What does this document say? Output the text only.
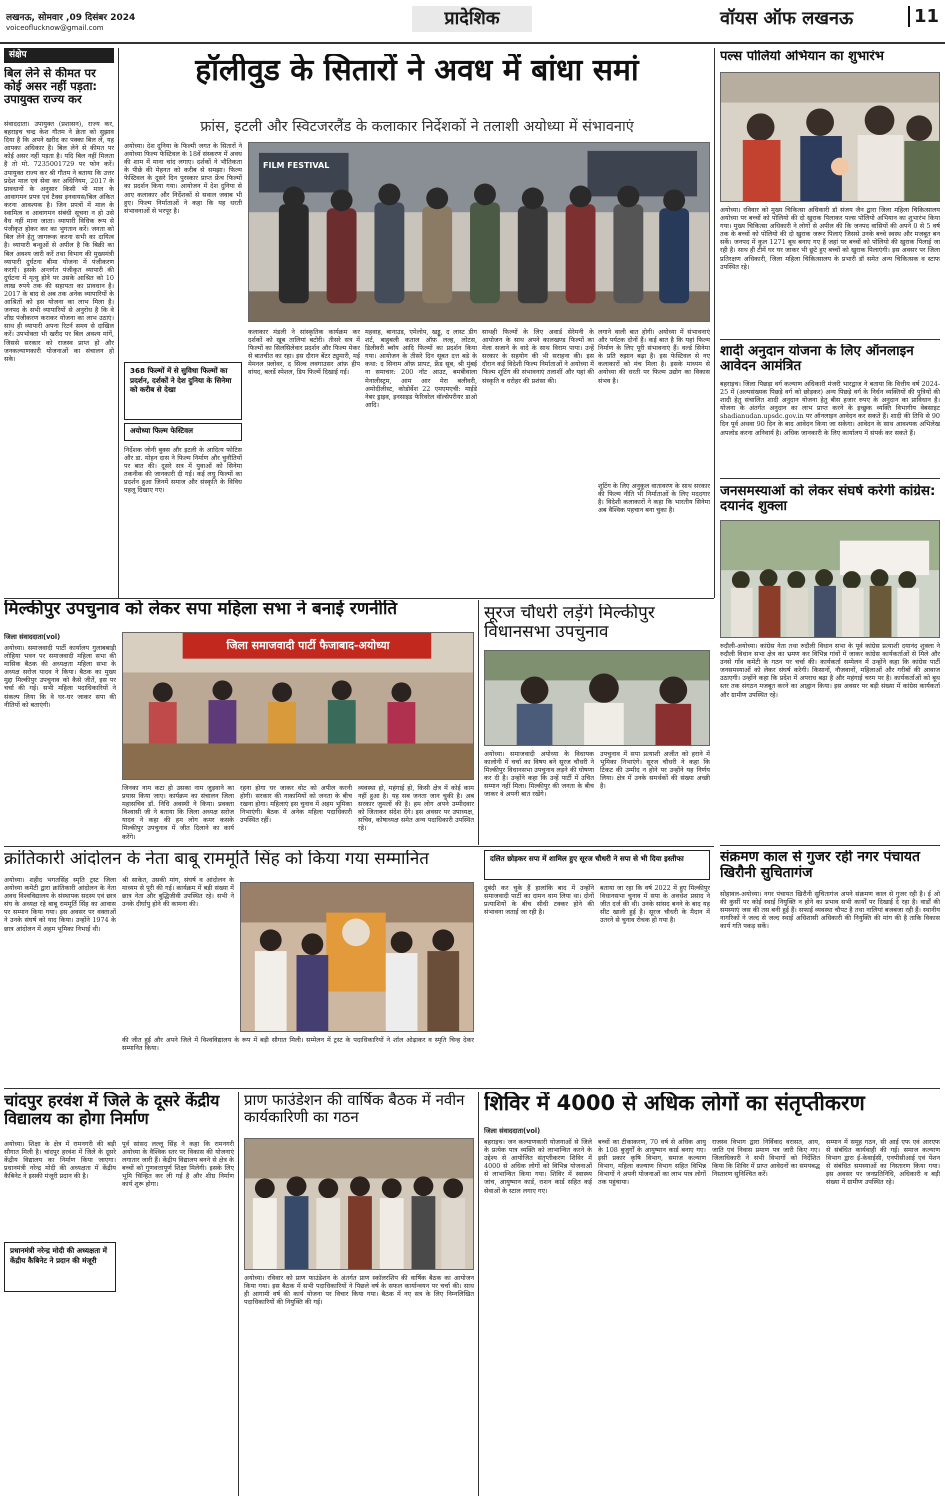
लखनऊ, सोमवार ,09 दिसंबर 2024
voiceoflucknow@gmail.com	प्रादेशिक	वॉयस ऑफ लखनऊ	11
संक्षेप
बिल लेने से कीमत पर कोई असर नहीं पड़ता: उपायुक्त राज्य कर
संवाददाता। उपायुक्त (प्रशासन), राज्य कर, बहराइच चन्द्र केश गौतम ने क्रेता को सुझाव दिया है कि अपने खरीद का पक्का बिल लें, यह आपका अधिकार है। बिल लेने से कीमत पर कोई असर नहीं पड़ता है। यदि बिल नहीं मिलता है तो मो. 7235001729 पर फोन करें। उपायुक्त राज्य कर श्री गौतम ने बताया कि उत्तर प्रदेश माल एवं सेवा कर अधिनियम, 2017 के प्रावधानों के अनुसार किसी भी माल के आवागमन प्रपत्र एवं टैक्स इनवायस/बिल अंकित करना आवश्यक है। जिन प्रपत्रों में माल के स्वामित्व व आवागमन संबंधी सूचना न हो उसे वैध नहीं माना जाता। व्यापारी विधिक रूप से पंजीकृत होकर कर का भुगतान करें। जनता को बिल लेने हेतु जागरूक करना सभी का दायित्व है। व्यापारी बन्धुओं से अपील है कि बिक्री का बिल अवश्य जारी करें तथा विभाग की मुख्यमंत्री व्यापारी दुर्घटना बीमा योजना में पंजीकरण कराएँ। इसके अन्तर्गत पंजीकृत व्यापारी की दुर्घटना में मृत्यु होने पर उसके आश्रित को 10 लाख रुपये तक की सहायता का प्रावधान है। 2017 के बाद से अब तक अनेक व्यापारियों के आश्रितों को इस योजना का लाभ मिला है। जनपद के सभी व्यापारियों से अनुरोध है कि वे शीघ्र पंजीकरण कराकर योजना का लाभ उठाएं। साथ ही व्यापारी अपना रिटर्न समय से दाखिल करें। उपभोक्ता भी खरीद पर बिल अवश्य मांगें, जिससे सरकार को राजस्व प्राप्त हो और जनकल्याणकारी योजनाओं का संचालन हो सके।
हॉलीवुड के सितारों ने अवध में बांधा समां
फ्रांस, इटली और स्विटजरलैंड के कलाकार निर्देशकों ने तलाशी अयोध्या में संभावनाएं
अयोध्या। देश दुनिया के फिल्मी जगत के सितारों ने अयोध्या फिल्म फेस्टिवल के 18वें संस्करण में अवध की शाम में माना चांद लगाए। दर्शकों ने भौतिकता के पीछे की मेहनत को करीब से समझा। फिल्म फेस्टिवल के दूसरे दिन पुरस्कार प्राप्त फ्रेंच फिल्मों का प्रदर्शन किया गया। आयोजन में देश दुनिया से आए कलाकार और निर्देशकों से सवाल जवाब भी हुए। फिल्म निर्माताओं ने कहा कि यह धरती संभावनाओं से भरपूर है।
368 फिल्मों में से सुविधा फिल्मों का प्रदर्शन, दर्शकों ने देश दुनिया के सिनेमा को करीब से देखा
अयोध्या फिल्म फेस्टिवल
निर्देशक जोनी बुक्स और इटली के आदित्य फोटिस और डा. मोहन दास ने फिल्म निर्माण और चुनौतियों पर बात की। दूसरे सत्र में युवाओं को सिनेमा तकनीक की जानकारी दी गई। कई लघु फिल्मों का प्रदर्शन हुआ जिनमें समाज और संस्कृति के विविध पहलू दिखाए गए।
FILM FESTIVAL
कलाकार मंडली ने सांस्कृतिक कार्यक्रम कर दर्शकों को खूब तालियां बटोरी। तीसरे सत्र में फिल्मों का सिलसिलेवार प्रदर्शन और फिल्म मेकर से बातचीत का रहा। इस दौरान बेंटर ट्युमारी, मई मेमनल फ़्लोवर, द सिल्व लवगाउसर आंफ़ हीप वांयद, बलर्डे स्पेशल, डिप फिल्में दिखाई गईं।
महवाह, बानाउड, एमेलोप, खड्डू, द लास्ट डीग शर्ट, बाहुबली कताल ऑफ़ लल्ह, लोटस, डिलीवरी ब्वॉय आदि फिल्मों का प्रदर्शन किया गया। आयोजन के तीसरे दिन सूबत दत्त बडे के कथा: द सिनाम ऑफ़ प्रापट, फ्रेंड सूब, श्री मुंबई ना समाचार: 200 नॉट आउट, बमबीवाला मेनालीस्ट्रम, आम आर मेरा बलीवरी, अमोदीलीस्ट, कोडोर्वेश 22 एमएमएची: माईडे नेबर ड्राइव, इनसाइड फेरिवरेल वॉल्सेपरीयर डाओ आदि।
साथही फिल्मों के लिए अवार्ड सेरेमनी के आयोजन के साथ अपने कालखण्ड फिल्मों का मेला सजाने के वादे के साथ विराम पाया। उन्हें सरकार के सहयोग की भी सराहना की। इस दौरान कई विदेशी फिल्म निर्माताओं ने अयोध्या में फिल्म शूटिंग की संभावनाएं तलाशीं और यहां की संस्कृति व धरोहर की प्रशंसा की।
लगाने वाली बात होगी। अयोध्या में संभावनाएं और पर्यटक दोनों हैं। कई बात है कि यहां फिल्म निर्माण के लिए पूरी संभावनाएं हैं। वर्ल्ड सिनेमा के प्रति रुझान बढ़ा है। इस फेस्टिवल से नए कलाकारों को मंच मिला है। इसके माध्यम से अयोध्या की धरती पर फिल्म उद्योग का विकास संभव है।
शूटिंग के लिए अनुकूल वातावरण के साथ सरकार की फिल्म नीति भी निर्माताओं के लिए मददगार है। विदेशी कलाकारों ने कहा कि भारतीय सिनेमा अब वैश्विक पहचान बना चुका है।
पल्स पोलियो अभियान का शुभारंभ
अयोध्या। रविवार को मुख्य चिकित्सा अधिकारी डॉ संजय जैन द्वारा जिला महिला चिकित्सालय अयोध्या पर बच्चों को पोलियो की दो खुराक पिलाकर पल्स पोलियो अभियान का शुभारंभ किया गया। मुख्य चिकित्सा अधिकारी ने लोगों से अपील की कि जनपद वासियों की अपने 0 से 5 वर्ष तक के बच्चों को पोलियो की दो खुराक जरूर पिलाएं जिससे उनके बच्चे स्वस्थ और मजबूत बन सकें। जनपद में कुल 1271 बूथ बनाए गए हैं जहां पर बच्चों को पोलियो की खुराक पिलाई जा रही है। साथ ही टीमें घर घर जाकर भी छूटे हुए बच्चों को खुराक पिलाएंगी। इस अवसर पर जिला प्रतिरक्षण अधिकारी, जिला महिला चिकित्सालय के प्रभारी डॉ समेत अन्य चिकित्सक व स्टाफ उपस्थित रहे।
शादी अनुदान योजना के लिए ऑनलाइन आवेदन आमंत्रित
बहराइच। जिला पिछड़ा वर्ग कल्याण अधिकारी मंजरी भारद्वाज ने बताया कि वित्तीय वर्ष 2024-25 में (अल्पसंख्यक पिछड़े वर्ग को छोड़कर) अन्य पिछड़े वर्ग के निर्धन व्यक्तियों की पुत्रियों की शादी हेतु संचालित शादी अनुदान योजना हेतु बीस हजार रुपए के अनुदान का प्राविधान है। योजना के अंतर्गत अनुदान का लाभ प्राप्त करने के इच्छुक व्यक्ति विभागीय वेबसाइट shadianudan.upsdc.gov.in पर ऑनलाइन आवेदन कर सकते हैं। शादी की तिथि से 90 दिन पूर्व अथवा 90 दिन के बाद आवेदन किया जा सकेगा। आवेदन के साथ आवश्यक अभिलेख अपलोड करना अनिवार्य है। अधिक जानकारी के लिए कार्यालय में संपर्क कर सकते हैं।
जनसमस्याओं को लेकर संघर्ष करेगी कांग्रेस: दयानंद शुक्ला
रुदौली-अयोध्या। कांग्रेस नेता तथा रुदौली विधान सभा के पूर्व कांग्रेस प्रत्याशी दयानंद शुक्ला ने रुदौली विधान सभा क्षेत्र का भ्रमण कर विभिन्न गांवों में जाकर कांग्रेस कार्यकर्ताओं से मिले और उनसे गाँव कमेटी के गठन पर चर्चा की। कार्यकर्ता सम्मेलन में उन्होंने कहा कि कांग्रेस पार्टी जनसमस्याओं को लेकर संघर्ष करेगी। किसानों, नौजवानों, महिलाओं और गरीबों की आवाज उठाएगी। उन्होंने कहा कि प्रदेश में अपराध बढ़ा है और महंगाई चरम पर है। कार्यकर्ताओं को बूथ स्तर तक संगठन मजबूत करने का आह्वान किया। इस अवसर पर बड़ी संख्या में कांग्रेस कार्यकर्ता और ग्रामीण उपस्थित रहे।
संक्रमण काल से गुजर रही नगर पंचायत खिरौनी सुचितागंज
सोहावल-अयोध्या। नगर पंचायत खिरौनी सुचितागंज अपने संक्रमण काल से गुजर रही है। ई ओ की कुर्सी पर कोई स्थाई नियुक्ति न होने का प्रभाव सभी कार्यों पर दिखाई दे रहा है। वार्डों की समस्याएं जस की तस बनी हुई हैं। सफाई व्यवस्था चौपट है तथा नालियां बजबजा रही हैं। स्थानीय नागरिकों ने जल्द से जल्द स्थाई अधिशासी अधिकारी की नियुक्ति की मांग की है ताकि विकास कार्य गति पकड़ सकें।
मिल्कीपुर उपचुनाव को लेकर सपा महिला सभा ने बनाई रणनीति
जिला संवाददाता(vol)
अयोध्या। समाजवादी पार्टी कार्यालय गुलाबबाड़ी लोहिया भवन पर समाजवादी महिला सभा की मासिक बैठक की अध्यक्षता महिला सभा के अध्यक्ष सरोज यादव ने किया। बैठक का मुख्य मुद्दा मिल्कीपुर उपचुनाव को कैसे जीतें, इस पर चर्चा की गई। सभी महिला पदाधिकारियों ने संकल्प लिया कि वे घर-घर जाकर सपा की नीतियों को बताएंगी।
जिला समाजवादी पार्टी फैजाबाद-अयोध्या
जिनका नाम कटा हो उसका नाम जुड़वाने का प्रयास किया जाए। कार्यक्रम का संचालन जिला महासचिव डॉ. निधि अवस्थी ने किया। प्रवक्ता विश्वासी जी ने बताया कि जिला अध्यक्ष सरोज यादव ने कहा की हम लोग कमर कसके मिल्कीपुर उपचुनाव में जीत दिलाने का कार्य करेंगे।
रहना होगा घर जाकर वोट को अपील करनी होगी। सरकार की नाकामियों को जनता के बीच रखना होगा। महिलाएं इस चुनाव में अहम भूमिका निभाएंगी। बैठक में अनेक महिला पदाधिकारी उपस्थित रहीं।
व्यवस्था हो, महंगाई हो, किसी क्षेत्र में कोई काम नहीं हुआ है। यह सब जनता जान चुकी है। अब सरकार जुमलों की है। हम लोग अपने उम्मीदवार को जिताकर संदेश देंगे। इस अवसर पर उपाध्यक्ष, सचिव, कोषाध्यक्ष समेत अन्य पदाधिकारी उपस्थित रहे।
सूरज चौधरी लड़ेंगे मिल्कीपुर विधानसभा उपचुनाव
अयोध्या। समाजवादी अयोध्या के विधायक कालोनी में चर्चा का विषय बने सूरज चौधरी ने मिल्कीपुर विधानसभा उपचुनाव लड़ने की घोषणा कर दी है। उन्होंने कहा कि उन्हें पार्टी में उचित सम्मान नहीं मिला। मिल्कीपुर की जनता के बीच जाकर वे अपनी बात रखेंगे।
उपचुनाव में सपा प्रत्याशी अजीत को हराने में भूमिका निभाएंगे। सूरज चौधरी ने कहा कि टिकट की उम्मीद न होने पर उन्होंने यह निर्णय लिया। क्षेत्र में उनके समर्थकों की संख्या अच्छी है।
क्रांतिकारी आंदोलन के नेता बाबू राममूर्ति सिंह को किया गया सम्मानित
अयोध्या। शहीद भगतसिंह स्मृति ट्रस्ट जिला अयोध्या कमेटी द्वारा क्रांतिकारी आंदोलन के नेता अवध विश्वविद्यालय के संस्थापक सदस्य एवं छात्र संघ के अध्यक्ष रहे बाबू राममूर्ति सिंह का आवास पर सम्मान किया गया। इस अवसर पर वक्ताओं ने उनके संघर्ष को याद किया। उन्होंने 1974 के छात्र आंदोलन में अहम भूमिका निभाई थी।
श्री साकेत, उसकी मांग, संघर्ष व आंदोलन के माध्यम से पूरी की गई। कार्यक्रम में बड़ी संख्या में छात्र नेता और बुद्धिजीवी उपस्थित रहे। सभी ने उनके दीर्घायु होने की कामना की।
की जीत हुई और अपने जिले में विश्वविद्यालय के रूप में बड़ी सौगात मिली। सम्मेलन में ट्रस्ट के पदाधिकारियों ने शॉल ओढ़ाकर व स्मृति चिन्ह देकर सम्मानित किया।
दलित छोड़कर सपा में शामिल हुए सूरज चौधरी ने सपा से भी दिया इस्तीफा
दुबंदी कर चुके हैं हालांकि बाद में उन्होंने समाजवादी पार्टी का दामन थाम लिया था। दोनों प्रत्याशियों के बीच सीधी टक्कर होने की संभावना जताई जा रही है।
बताया जा रहा कि वर्ष 2022 में हुए मिल्कीपुर विधानसभा चुनाव में सपा के अवधेश प्रसाद ने जीत दर्ज की थी। उनके सांसद बनने के बाद यह सीट खाली हुई है। सूरज चौधरी के मैदान में उतरने से चुनाव रोचक हो गया है।
चांदपुर हरवंश में जिले के दूसरे केंद्रीय विद्यालय का होगा निर्माण
अयोध्या। शिक्षा के क्षेत्र में रामनगरी की बड़ी सौगात मिली है। चांदपुर हरवंश में जिले के दूसरे केंद्रीय विद्यालय का निर्माण किया जाएगा। प्रधानमंत्री नरेन्द्र मोदी की अध्यक्षता में केंद्रीय कैबिनेट ने इसकी मंजूरी प्रदान की है।
प्रधानमंत्री नरेन्द्र मोदी की अध्यक्षता में केंद्रीय कैबिनेट ने प्रदान की मंजूरी
पूर्व सांसद लल्लू सिंह ने कहा कि रामनगरी अयोध्या के वैश्विक स्तर पर विकास की योजनाएं लगातार जारी हैं। केंद्रीय विद्यालय बनने से क्षेत्र के बच्चों को गुणवत्तापूर्ण शिक्षा मिलेगी। इसके लिए भूमि चिन्हित कर ली गई है और शीघ्र निर्माण कार्य शुरू होगा।
प्राण फाउंडेशन की वार्षिक बैठक में नवीन कार्यकारिणी का गठन
अयोध्या। रविवार को प्राण फाउंडेशन के अंतर्गत प्राण स्कॉलरशिप की वार्षिक बैठक का आयोजन किया गया। इस बैठक में सभी पदाधिकारियों ने पिछले वर्ष के सफल कार्यान्वयन पर चर्चा की। साथ ही आगामी वर्ष की कार्य योजना पर विचार किया गया। बैठक में नए सत्र के लिए निम्नलिखित पदाधिकारियों की नियुक्ति की गई।
शिविर में 4000 से अधिक लोगों का संतृप्तीकरण
जिला संवाददाता(vol)
बहराइच। जन कल्याणकारी योजनाओं से जिले के प्रत्येक पात्र व्यक्ति को लाभान्वित करने के उद्देश्य से आयोजित संतृप्तीकरण शिविर में 4000 से अधिक लोगों को विभिन्न योजनाओं से लाभान्वित किया गया। शिविर में स्वास्थ्य जांच, आयुष्मान कार्ड, राशन कार्ड सहित कई सेवाओं के स्टाल लगाए गए।
बच्चों का टीकाकरण, 70 वर्ष से अधिक आयु के 108 बुजुर्गों के आयुष्मान कार्ड बनाए गए। इसी प्रकार कृषि विभाग, समाज कल्याण विभाग, महिला कल्याण विभाग सहित विभिन्न विभागों ने अपनी योजनाओं का लाभ पात्र लोगों तक पहुंचाया।
राजस्व विभाग द्वारा निर्विवाद वरासत, आय, जाति एवं निवास प्रमाण पत्र जारी किए गए। जिलाधिकारी ने सभी विभागों को निर्देशित किया कि शिविर में प्राप्त आवेदनों का समयबद्ध निस्तारण सुनिश्चित करें।
सम्मान में समूह गठन, सी आई एफ एवं आरएफ से संबंधित कार्यवाही की गई। समाज कल्याण विभाग द्वारा ई-केवाईसी, एनपीसीआई एवं पेंशन से संबंधित समस्याओं का निस्तारण किया गया। इस अवसर पर जनप्रतिनिधि, अधिकारी व बड़ी संख्या में ग्रामीण उपस्थित रहे।
